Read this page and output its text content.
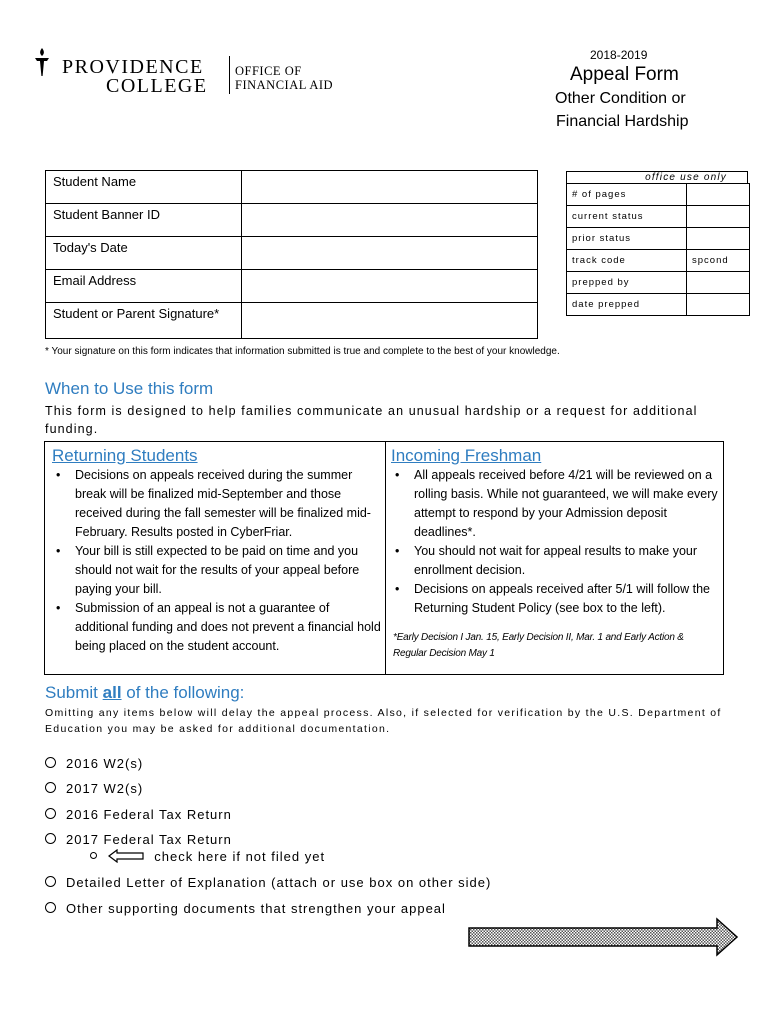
PROVIDENCE
COLLEGE
OFFICE OF
FINANCIAL AID
2018-2019
Appeal Form
Other Condition or
Financial Hardship
Student Name	
Student Banner ID	
Today's Date	
Email Address	
Student or Parent Signature*	
office use only
# of pages	
current status	
prior status	
track code	spcond
prepped by	
date prepped	
* Your signature on this form indicates that information submitted is true and complete to the best of your knowledge.
When to Use this form
This form is designed to help families communicate an unusual hardship or a request for additional funding.
Returning Students
• Decisions on appeals received during the summer break will be finalized mid-September and those received during the fall semester will be finalized mid-February. Results posted in CyberFriar.
• Your bill is still expected to be paid on time and you should not wait for the results of your appeal before paying your bill.
• Submission of an appeal is not a guarantee of additional funding and does not prevent a financial hold being placed on the student account.
Incoming Freshman
• All appeals received before 4/21 will be reviewed on a rolling basis. While not guaranteed, we will make every attempt to respond by your Admission deposit deadlines*.
• You should not wait for appeal results to make your enrollment decision.
• Decisions on appeals received after 5/1 will follow the Returning Student Policy (see box to the left).
*Early Decision I Jan. 15, Early Decision II, Mar. 1 and Early Action & Regular Decision May 1
Submit all of the following:
Omitting any items below will delay the appeal process. Also, if selected for verification by the U.S. Department of Education you may be asked for additional documentation.
2016 W2(s)
2017 W2(s)
2016 Federal Tax Return
2017 Federal Tax Return
Detailed Letter of Explanation (attach or use box on other side)
Other supporting documents that strengthen your appeal
check here if not filed yet
